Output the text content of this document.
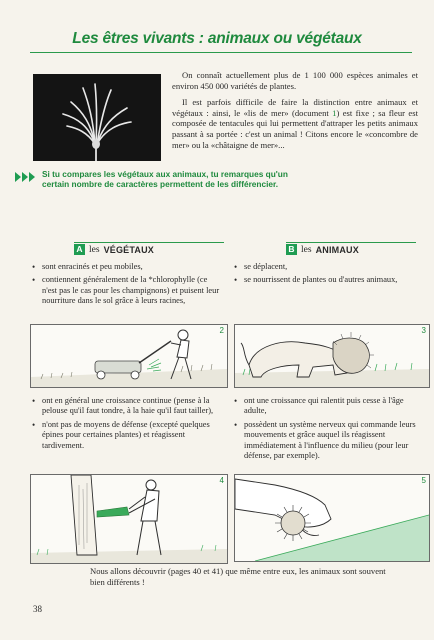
Les êtres vivants : animaux ou végétaux

On connaît actuellement plus de 1 100 000 espèces animales et environ 450 000 variétés de plantes.

Il est parfois difficile de faire la distinction entre animaux et végétaux : ainsi, le «lis de mer» (document 1) est fixe ; sa fleur est composée de tentacules qui lui permettent d'attraper les petits animaux passant à sa portée : c'est un animal ! Citons encore le «concombre de mer» ou la «châtaigne de mer»...

Si tu compares les végétaux aux animaux, tu remarques qu'un certain nombre de caractères permettent de les différencier.
A les VÉGÉTAUX	B les ANIMAUX
• sont enracinés et peu mobiles,
• contiennent généralement de la *chlorophylle (ce n'est pas le cas pour les champignons) et puisent leur nourriture dans le sol grâce à leurs racines,
• se déplacent,
• se nourrissent de plantes ou d'autres animaux,
2	3
• ont en général une croissance continue (pense à la pelouse qu'il faut tondre, à la haie qu'il faut tailler),
• n'ont pas de moyens de défense (excepté quelques épines pour certaines plantes) et réagissent tardivement.
• ont une croissance qui ralentit puis cesse à l'âge adulte,
• possèdent un système nerveux qui commande leurs mouvements et grâce auquel ils réagissent immédiatement à l'influence du milieu (pour leur défense, par exemple).
4	5
Nous allons découvrir (pages 40 et 41) que même entre eux, les animaux sont souvent bien différents !
38
